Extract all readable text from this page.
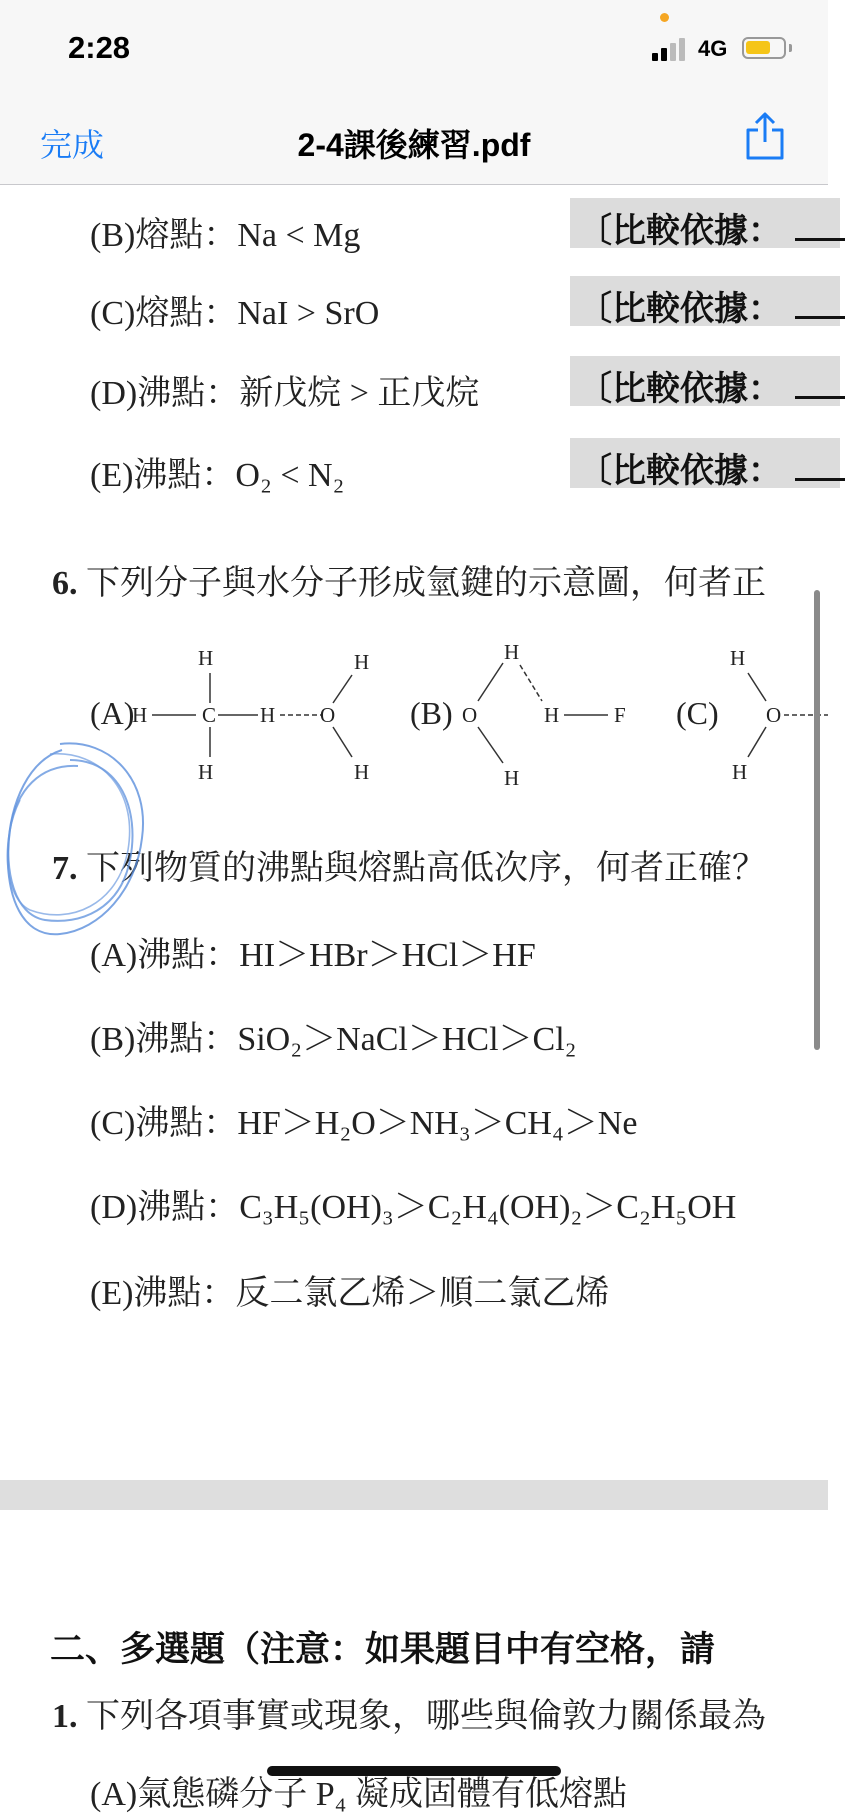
2:28	4G
2-4課後練習.pdf
完成
(B)熔點：Na < Mg	〔比較依據：
(C)熔點：NaI > SrO	〔比較依據：
(D)沸點：新戊烷 > 正戊烷	〔比較依據：
(E)沸點：O₂ < N₂	〔比較依據：
6. 下列分子與水分子形成氫鍵的示意圖，何者正
(A)
H	C
H
H
H O
H
H
(B) O
H
H
H	F (C)
H
O
H
7. 下列物質的沸點與熔點高低次序，何者正確？
(A)沸點：HI＞HBr＞HCl＞HF
(B)沸點：SiO₂＞NaCl＞HCl＞Cl₂
(C)沸點：HF＞H₂O＞NH₃＞CH₄＞Ne
(D)沸點：C₃H₅(OH)₃＞C₂H₄(OH)₂＞C₂H₅OH
(E)沸點：反二氯乙烯＞順二氯乙烯
二、多選題（注意：如果題目中有空格，請
1. 下列各項事實或現象，哪些與倫敦力關係最為
(A)氣態磷分子 P₄ 凝成固體有低熔點
